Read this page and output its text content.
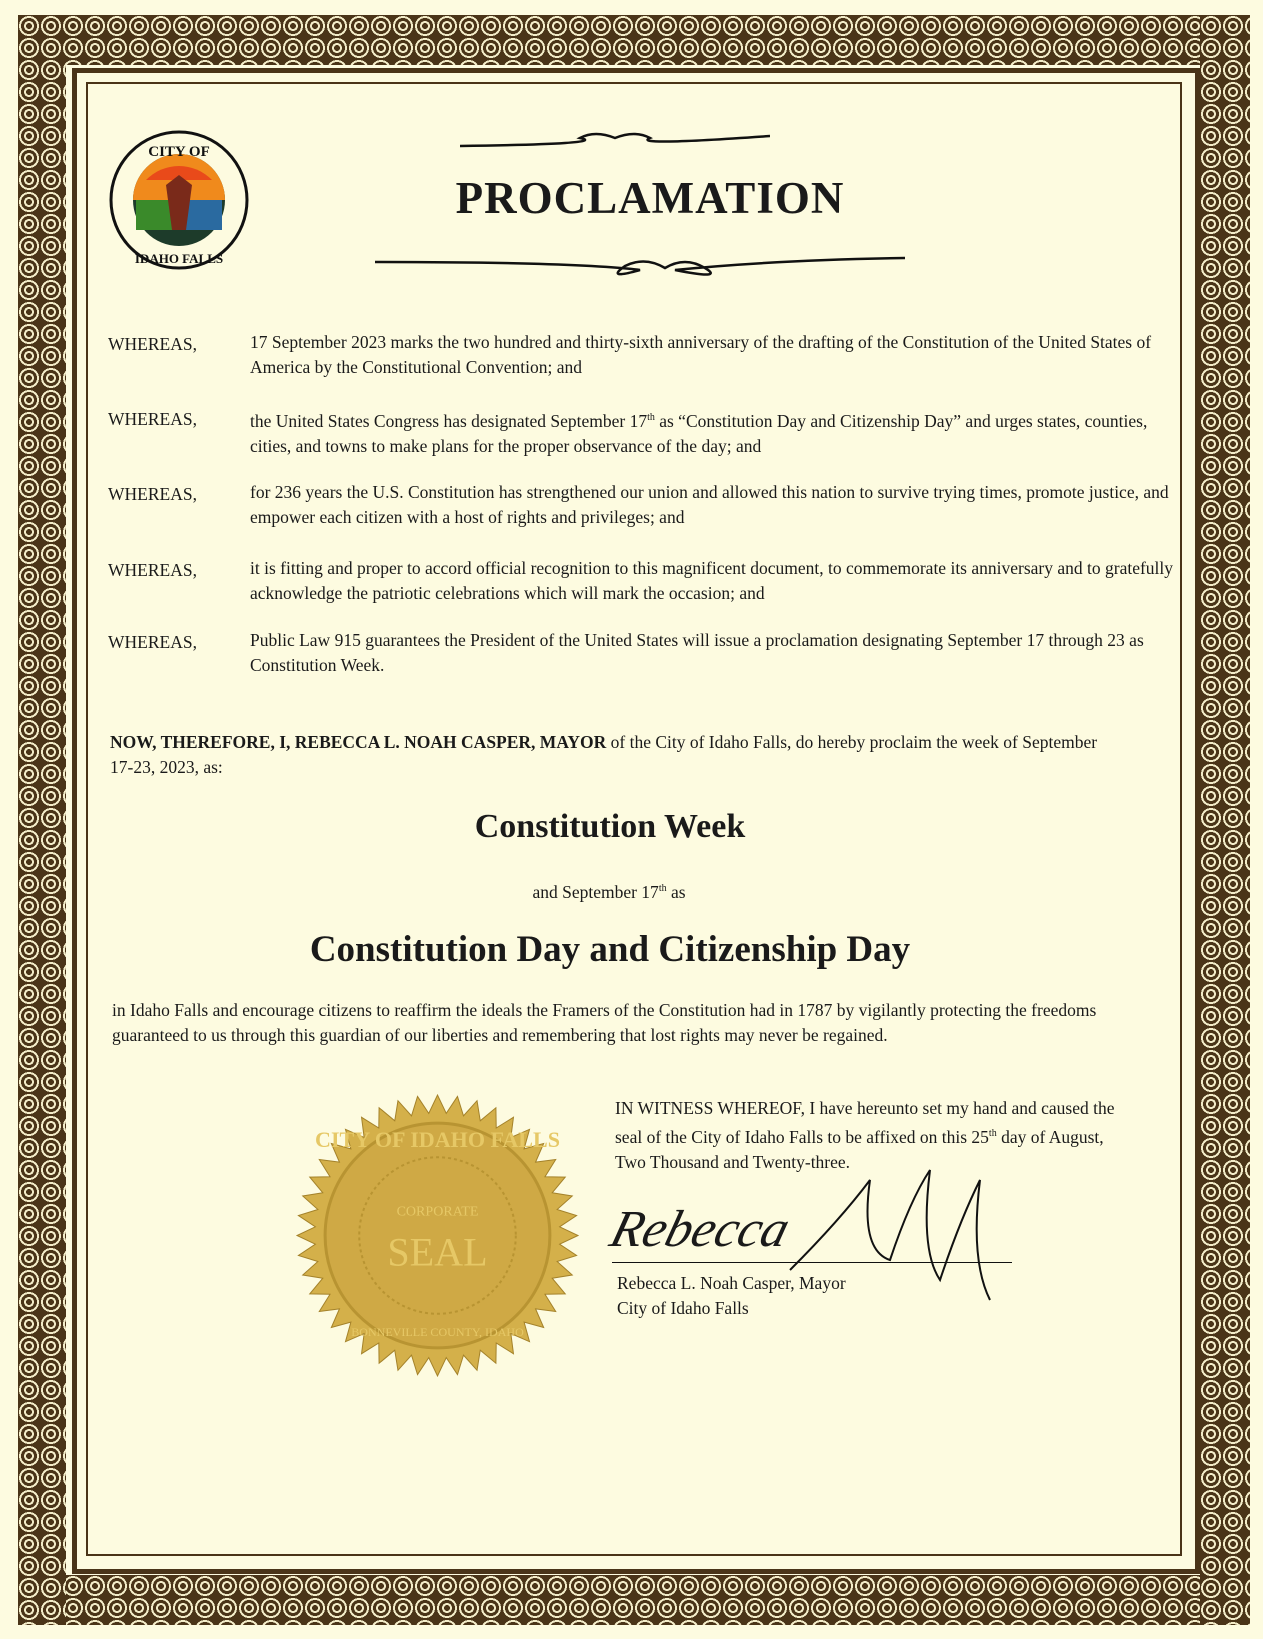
CITY OF
IDAHO FALLS
PROCLAMATION
WHEREAS,	17 September 2023 marks the two hundred and thirty-sixth anniversary of the drafting of the Constitution of the United States of America by the Constitutional Convention; and
WHEREAS,	the United States Congress has designated September 17th as “Constitution Day and Citizenship Day” and urges states, counties, cities, and towns to make plans for the proper observance of the day; and
WHEREAS,	for 236 years the U.S. Constitution has strengthened our union and allowed this nation to survive trying times, promote justice, and empower each citizen with a host of rights and privileges; and
WHEREAS,	it is fitting and proper to accord official recognition to this magnificent document, to commemorate its anniversary and to gratefully acknowledge the patriotic celebrations which will mark the occasion; and
WHEREAS,	Public Law 915 guarantees the President of the United States will issue a proclamation designating September 17 through 23 as Constitution Week.
NOW, THEREFORE, I, REBECCA L. NOAH CASPER, MAYOR of the City of Idaho Falls, do hereby proclaim the week of September 17-23, 2023, as:
Constitution Week
and September 17th as
Constitution Day and Citizenship Day
in Idaho Falls and encourage citizens to reaffirm the ideals the Framers of the Constitution had in 1787 by vigilantly protecting the freedoms guaranteed to us through this guardian of our liberties and remembering that lost rights may never be regained.
CITY OF IDAHO FALLS
CORPORATE
SEAL
BONNEVILLE COUNTY, IDAHO
IN WITNESS WHEREOF, I have hereunto set my hand and caused the seal of the City of Idaho Falls to be affixed on this 25th day of August, Two Thousand and Twenty-three.
Rebecca
Rebecca L. Noah Casper, Mayor
City of Idaho Falls
